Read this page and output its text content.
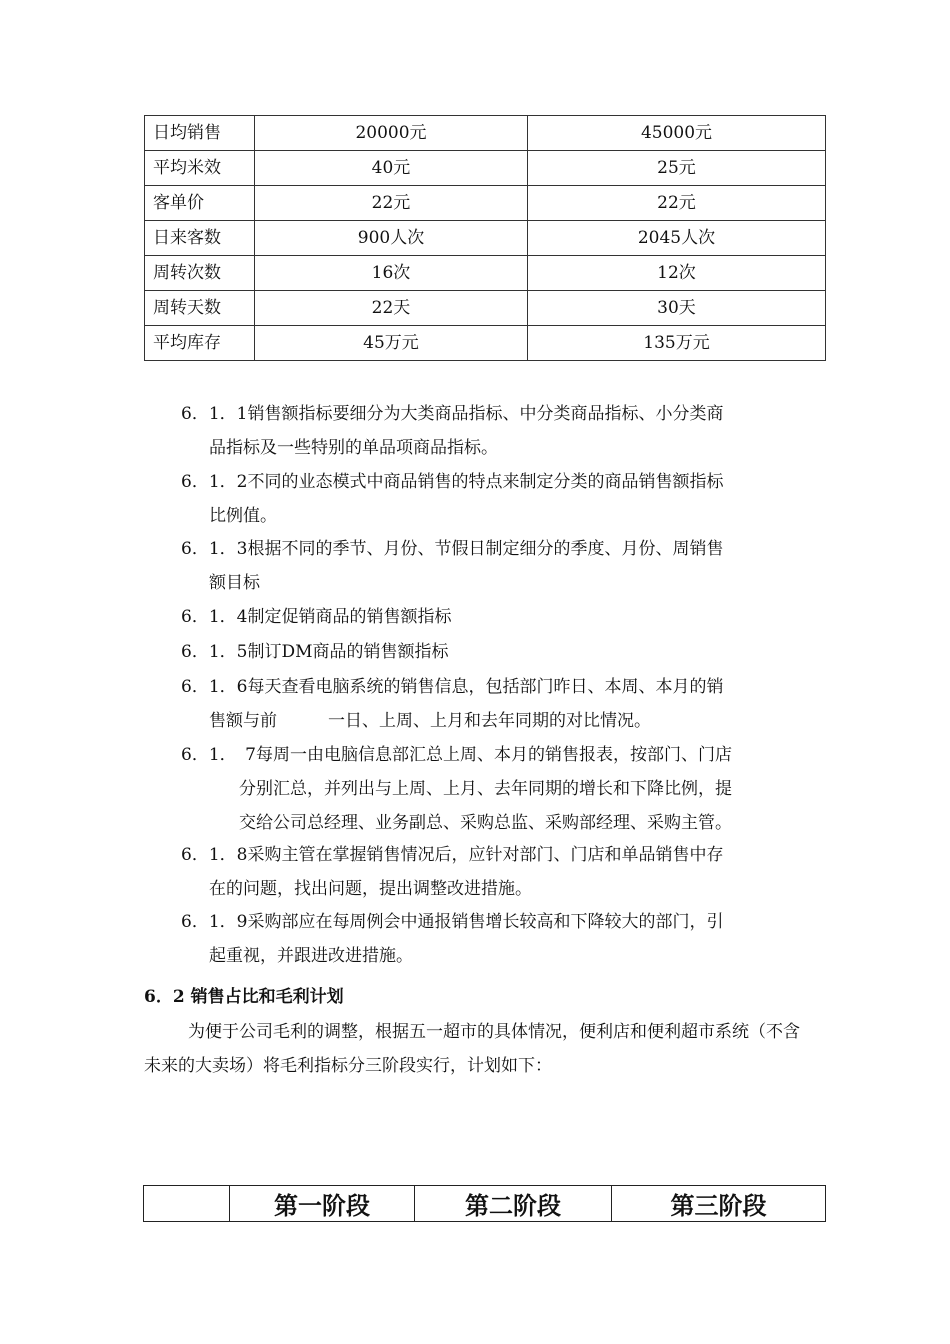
日均销售	20000元	45000元
平均米效	40元	25元
客单价	22元	22元
日来客数	900人次	2045人次
周转次数	16次	12次
周转天数	22天	30天
平均库存	45万元	135万元
6．1．1销售额指标要细分为大类商品指标、中分类商品指标、小分类商
品指标及一些特别的单品项商品指标。
6．1．2不同的业态模式中商品销售的特点来制定分类的商品销售额指标
比例值。
6．1．3根据不同的季节、月份、节假日制定细分的季度、月份、周销售
额目标
6．1．4制定促销商品的销售额指标
6．1．5制订DM商品的销售额指标
6．1．6每天查看电脑系统的销售信息，包括部门昨日、本周、本月的销
售额与前　　　一日、上周、上月和去年同期的对比情况。
6．1．　7每周一由电脑信息部汇总上周、本月的销售报表，按部门、门店
分别汇总，并列出与上周、上月、去年同期的增长和下降比例，提
交给公司总经理、业务副总、采购总监、采购部经理、采购主管。
6．1．8采购主管在掌握销售情况后，应针对部门、门店和单品销售中存
在的问题，找出问题，提出调整改进措施。
6．1．9采购部应在每周例会中通报销售增长较高和下降较大的部门，引
起重视，并跟进改进措施。
6．2 销售占比和毛利计划
为便于公司毛利的调整，根据五一超市的具体情况，便利店和便利超市系统（不含未来的大卖场）将毛利指标分三阶段实行，计划如下：
	第一阶段	第二阶段	第三阶段
